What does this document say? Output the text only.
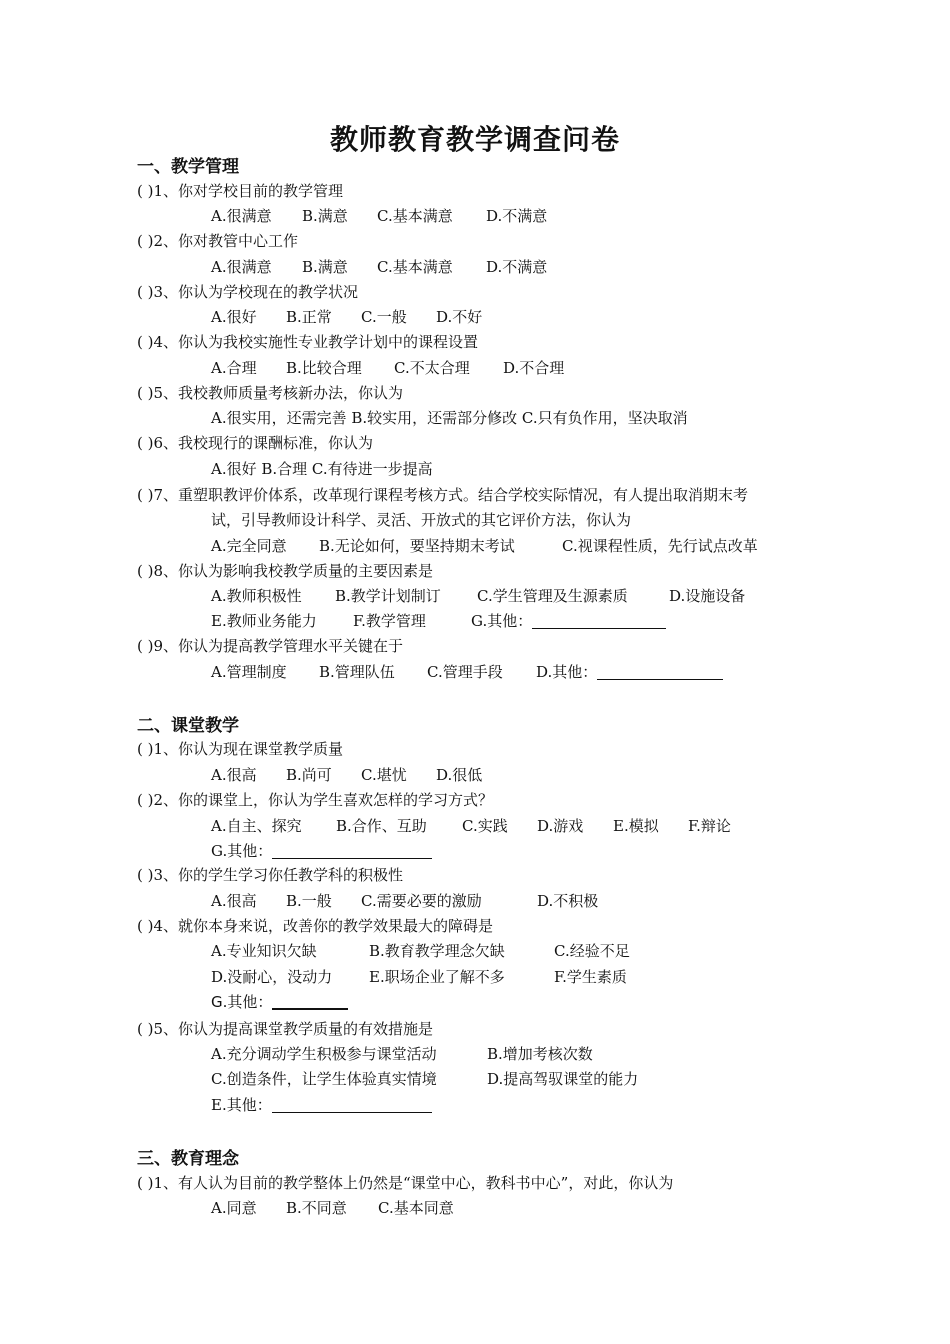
教师教育教学调查问卷
一、教学管理
( )1、你对学校目前的教学管理
A.很满意 B.满意 C.基本满意 D.不满意
( )2、你对教管中心工作
A.很满意 B.满意 C.基本满意 D.不满意
( )3、你认为学校现在的教学状况
A.很好 B.正常 C.一般 D.不好
( )4、你认为我校实施性专业教学计划中的课程设置
A.合理 B.比较合理 C.不太合理 D.不合理
( )5、我校教师质量考核新办法，你认为
A.很实用，还需完善 B.较实用，还需部分修改 C.只有负作用，坚决取消
( )6、我校现行的课酬标准，你认为
A.很好 B.合理 C.有待进一步提高
( )7、重塑职教评价体系，改革现行课程考核方式。结合学校实际情况，有人提出取消期末考
试，引导教师设计科学、灵活、开放式的其它评价方法，你认为
A.完全同意 B.无论如何，要坚持期末考试	C.视课程性质，先行试点改革
( )8、你认为影响我校教学质量的主要因素是
A.教师积极性 B.教学计划制订 C.学生管理及生源素质	D.设施设备
E.教师业务能力 F.教学管理	G.其他：
( )9、你认为提高教学管理水平关键在于
A.管理制度 B.管理队伍 C.管理手段 D.其他：
二、课堂教学
( )1、你认为现在课堂教学质量
A.很高 B.尚可 C.堪忧 D.很低
( )2、你的课堂上，你认为学生喜欢怎样的学习方式？
A.自主、探究 B.合作、互助 C.实践 D.游戏 E.模拟 F.辩论
G.其他：
( )3、你的学生学习你任教学科的积极性
A.很高 B.一般 C.需要必要的激励	D.不积极
( )4、就你本身来说，改善你的教学效果最大的障碍是
A.专业知识欠缺	B.教育教学理念欠缺	C.经验不足
D.没耐心，没动力 E.职场企业了解不多	F.学生素质
G.其他：
( )5、你认为提高课堂教学质量的有效措施是
A.充分调动学生积极参与课堂活动	B.增加考核次数
C.创造条件，让学生体验真实情境	D.提高驾驭课堂的能力
E.其他：
三、教育理念
( )1、有人认为目前的教学整体上仍然是“课堂中心，教科书中心”，对此，你认为
A.同意 B.不同意 C.基本同意
